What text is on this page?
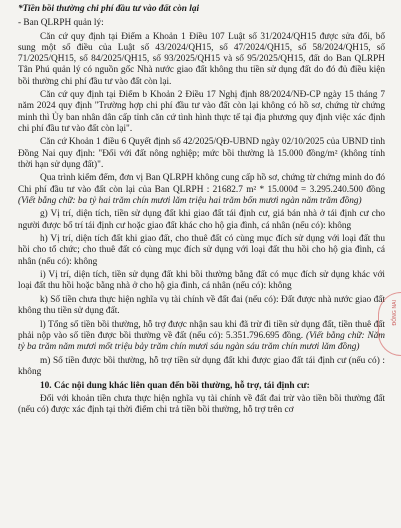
*Tiền bồi thường chi phí đầu tư vào đất còn lại

- Ban QLRPH quản lý:

Căn cứ quy định tại Điểm a Khoản 1 Điều 107 Luật số 31/2024/QH15 được sửa đổi, bổ sung một số điều của Luật số 43/2024/QH15, số 47/2024/QH15, số 58/2024/QH15, số 71/2025/QH15, số 84/2025/QH15, số 93/2025/QH15 và số 95/2025/QH15, đất do Ban QLRPH Tân Phú quản lý có nguồn gốc Nhà nước giao đất không thu tiền sử dụng đất do đó đủ điều kiện bồi thường chi phí đầu tư vào đất còn lại.

Căn cứ quy định tại Điểm b Khoản 2 Điều 17 Nghị định 88/2024/NĐ-CP ngày 15 tháng 7 năm 2024 quy định "Trường hợp chi phí đầu tư vào đất còn lại không có hồ sơ, chứng từ chứng minh thì Ủy ban nhân dân cấp tỉnh căn cứ tình hình thực tế tại địa phương quy định việc xác định chi phí đầu tư vào đất còn lại".

Căn cứ Khoản 1 điều 6 Quyết định số 42/2025/QĐ-UBND ngày 02/10/2025 của UBND tỉnh Đồng Nai quy định: "Đối với đất nông nghiệp; mức bồi thường là 15.000 đồng/m² (không tính thời hạn sử dụng đất)".

Qua trình kiểm đếm, đơn vị Ban QLRPH không cung cấp hồ sơ, chứng từ chứng minh do đó Chi phí đầu tư vào đất còn lại của Ban QLRPH : 21682.7 m² * 15.000đ = 3.295.240.500 đồng (Viết bằng chữ: ba tỷ hai trăm chín mươi lăm triệu hai trăm bốn mươi ngàn năm trăm đồng)

g) Vị trí, diện tích, tiền sử dụng đất khi giao đất tái định cư, giá bán nhà ở tái định cư cho người được bố trí tái định cư hoặc giao đất khác cho hộ gia đình, cá nhân (nếu có): không

h) Vị trí, diện tích đất khi giao đất, cho thuê đất có cùng mục đích sử dụng với loại đất thu hồi cho tổ chức; cho thuê đất có cùng mục đích sử dụng với loại đất thu hồi cho hộ gia đình, cá nhân (nếu có): không

i) Vị trí, diện tích, tiền sử dụng đất khi bồi thường bằng đất có mục đích sử dụng khác với loại đất thu hồi hoặc bằng nhà ở cho hộ gia đình, cá nhân (nếu có): không

k) Số tiền chưa thực hiện nghĩa vụ tài chính về đất đai (nếu có): Đất được nhà nước giao đất không thu tiền sử dụng đất.

l) Tổng số tiền bồi thường, hỗ trợ được nhận sau khi đã trừ đi tiền sử dụng đất, tiền thuê đất phải nộp vào số tiền được bồi thường về đất (nếu có): 5.351.796.695 đồng. (Viết bằng chữ: Năm tỷ ba trăm năm mươi mốt triệu bảy trăm chín mươi sáu ngàn sáu trăm chín mươi lăm đồng)

m) Số tiền được bồi thường, hỗ trợ tiền sử dụng đất khi được giao đất tái định cư (nếu có) : không

10. Các nội dung khác liên quan đến bồi thường, hỗ trợ, tái định cư:

Đối với khoản tiền chưa thực hiện nghĩa vụ tài chính về đất đai trừ vào tiền bồi thường đất (nếu có) được xác định tại thời điểm chi trả tiền bồi thường, hỗ trợ trên cơ

ĐỒNG NAI
